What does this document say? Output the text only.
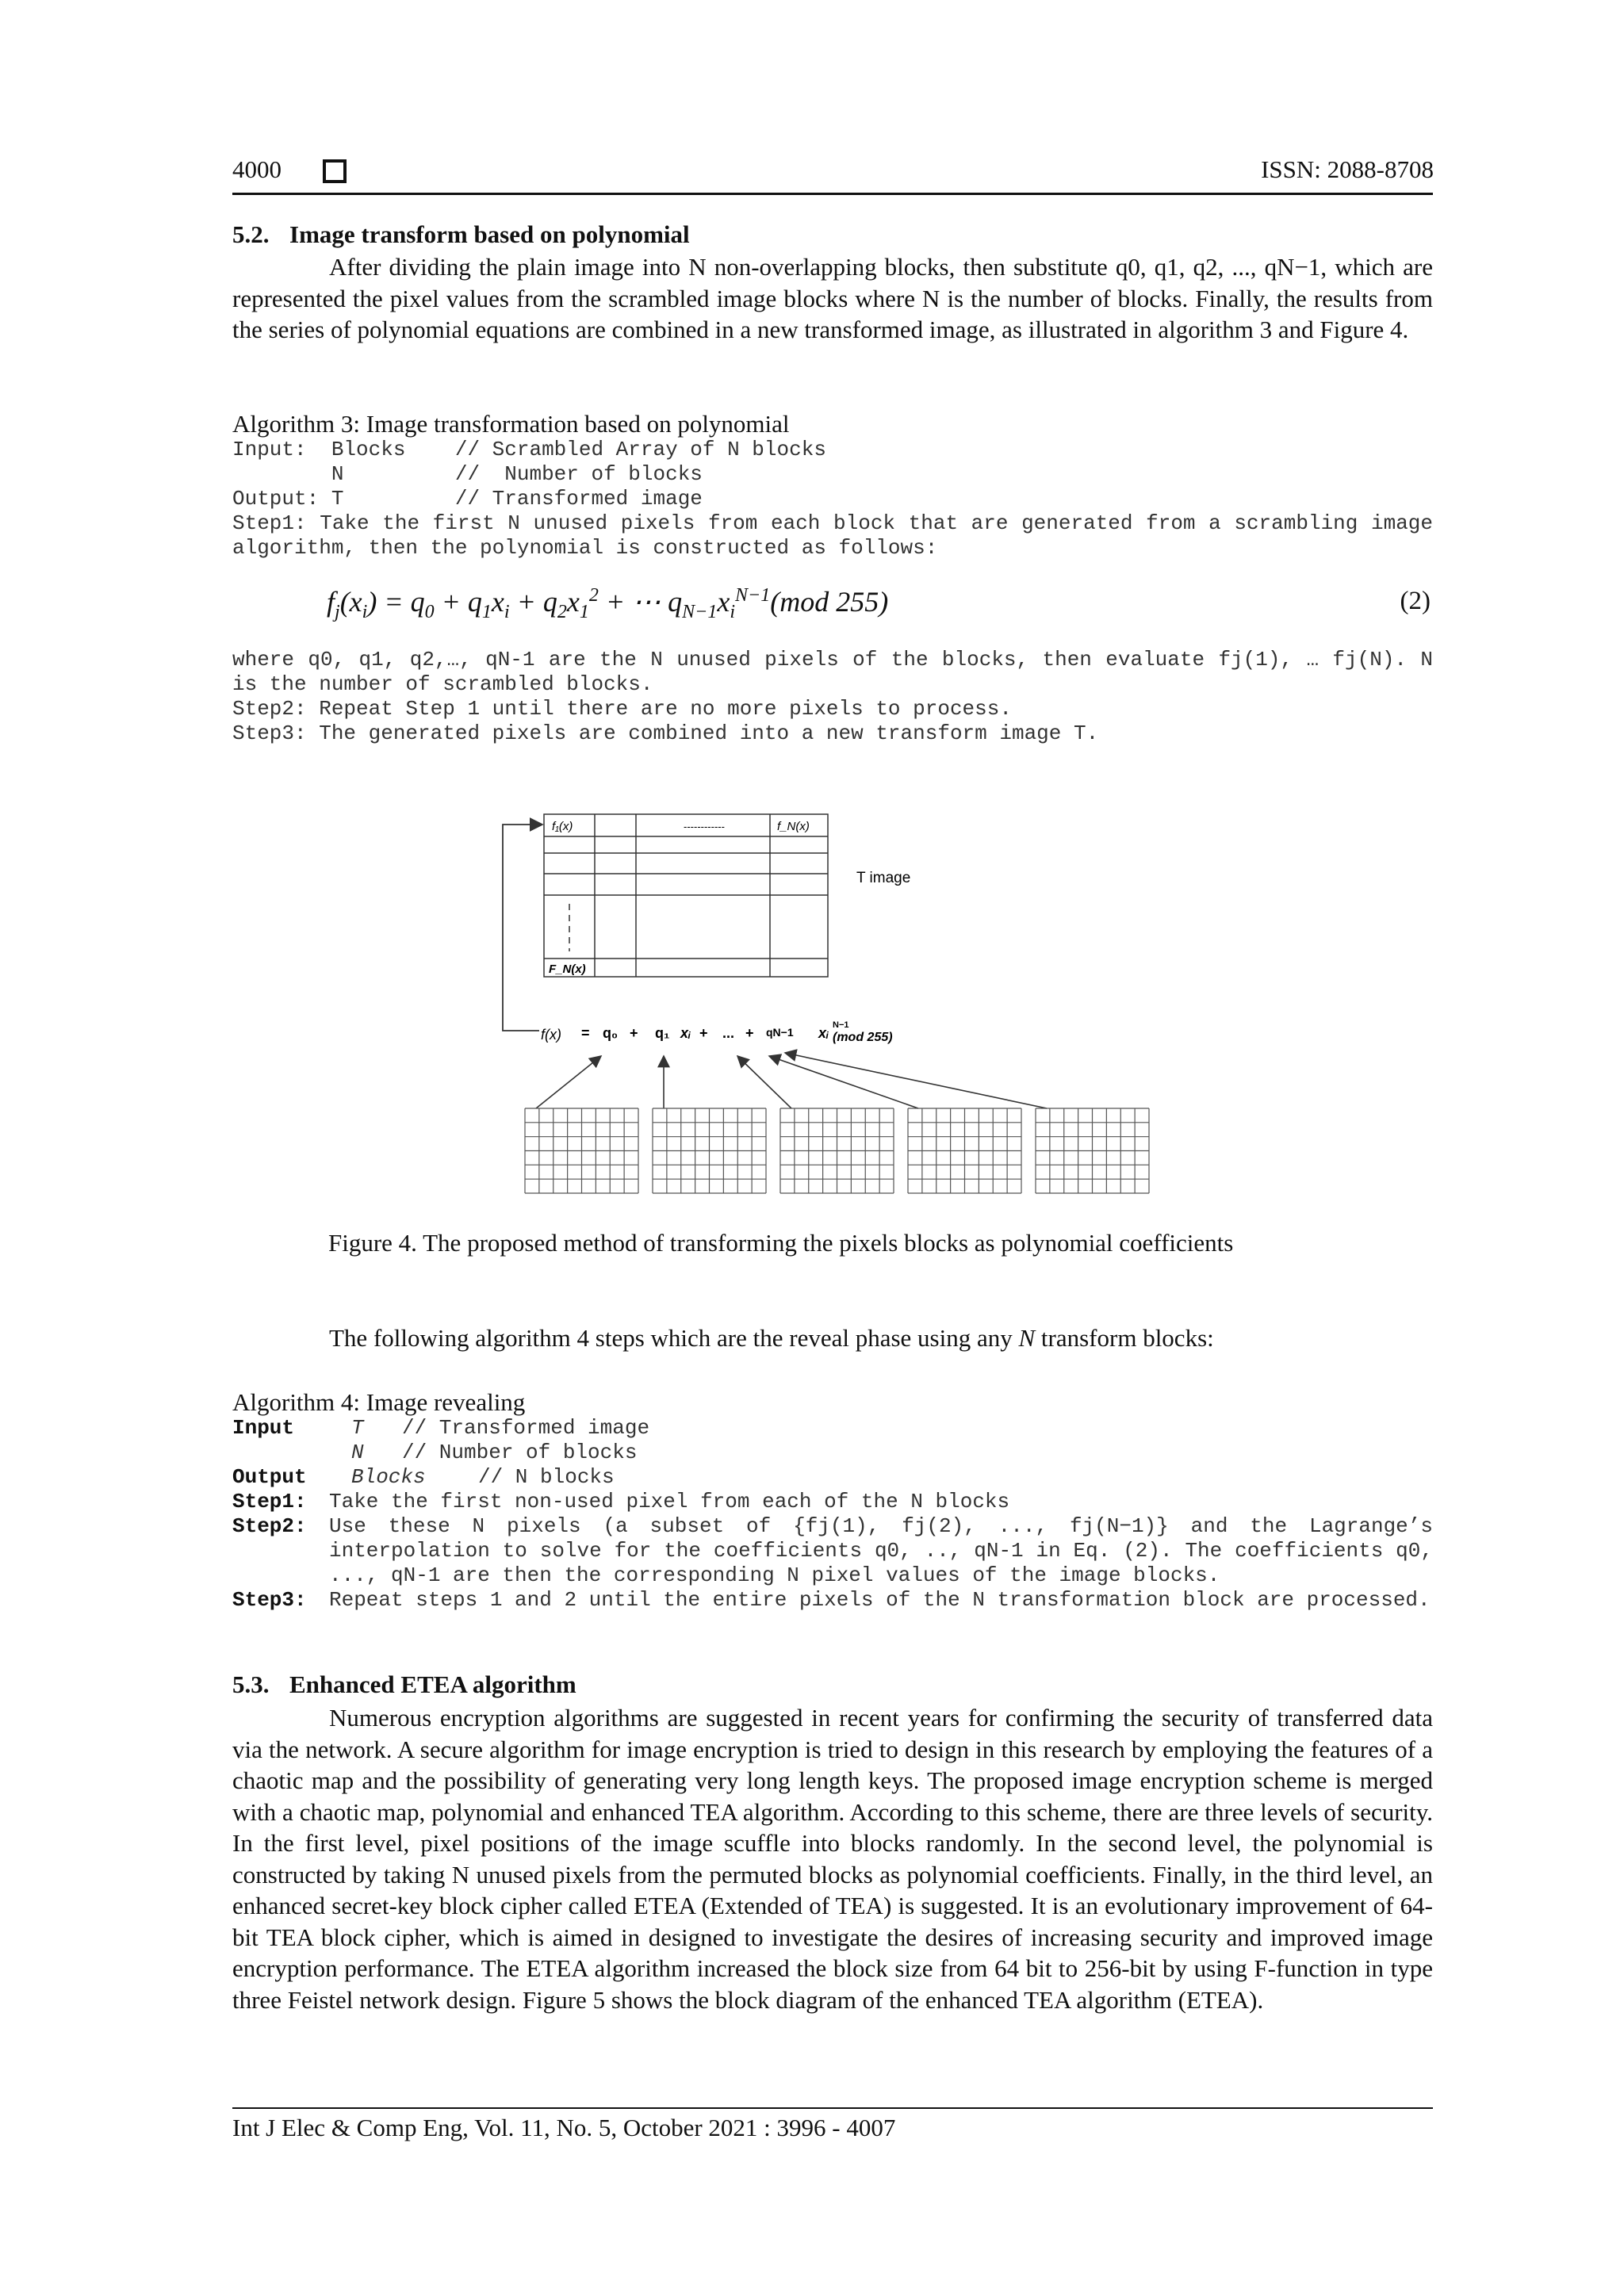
4000	ISSN: 2088-8708
5.2. Image transform based on polynomial

After dividing the plain image into N non-overlapping blocks, then substitute q0, q1, q2, ..., qN−1, which are represented the pixel values from the scrambled image blocks where N is the number of blocks. Finally, the results from the series of polynomial equations are combined in a new transformed image, as illustrated in algorithm 3 and Figure 4.

Algorithm 3: Image transformation based on polynomial
Input:  Blocks    // Scrambled Array of N blocks
N         //  Number of blocks
Output: T         // Transformed image
Step1: Take the first N unused pixels from each block that are generated from a scrambling image algorithm, then the polynomial is constructed as follows:
$f_j(x_i) = q_0 + q_1x_i + q_2x_1^2$ + ⋯ $q_{N-1}x_i^{N-1}(mod$ 255)	(2)
where q0, q1, q2,…, qN-1 are the N unused pixels of the blocks, then evaluate fj(1), … fj(N). N is the number of scrambled blocks.
Step2: Repeat Step 1 until there are no more pixels to process.
Step3: The generated pixels are combined into a new transform image T.
f₁(x)	------------	f_N(x)
F_N(x)
T image
f(x) = q₀ + q₁ xᵢ + ... + qN−1 xᵢ N−1
(mod 255)
Figure 4. The proposed method of transforming the pixels blocks as polynomial coefficients
The following algorithm 4 steps which are the reveal phase using any N transform blocks:
Algorithm 4: Image revealing
Input	T // Transformed image
N // Number of blocks
Output Blocks	// N blocks
Step1:	Take the first non-used pixel from each of the N blocks
Step2:	Use these N pixels (a subset of {fj(1), fj(2), ..., fj(N−1)} and the Lagrange’s interpolation to solve for the coefficients q0, .., qN-1 in Eq. (2). The coefficients q0, ..., qN-1 are then the corresponding N pixel values of the image blocks.
Step3:	Repeat steps 1 and 2 until the entire pixels of the N transformation block are processed.
5.3. Enhanced ETEA algorithm

Numerous encryption algorithms are suggested in recent years for confirming the security of transferred data via the network. A secure algorithm for image encryption is tried to design in this research by employing the features of a chaotic map and the possibility of generating very long length keys. The proposed image encryption scheme is merged with a chaotic map, polynomial and enhanced TEA algorithm. According to this scheme, there are three levels of security. In the first level, pixel positions of the image scuffle into blocks randomly. In the second level, the polynomial is constructed by taking N unused pixels from the permuted blocks as polynomial coefficients. Finally, in the third level, an enhanced secret-key block cipher called ETEA (Extended of TEA) is suggested. It is an evolutionary improvement of 64-bit TEA block cipher, which is aimed in designed to investigate the desires of increasing security and improved image encryption performance. The ETEA algorithm increased the block size from 64 bit to 256-bit by using F-function in type three Feistel network design. Figure 5 shows the block diagram of the enhanced TEA algorithm (ETEA).

Int J Elec & Comp Eng, Vol. 11, No. 5, October 2021 : 3996 - 4007
